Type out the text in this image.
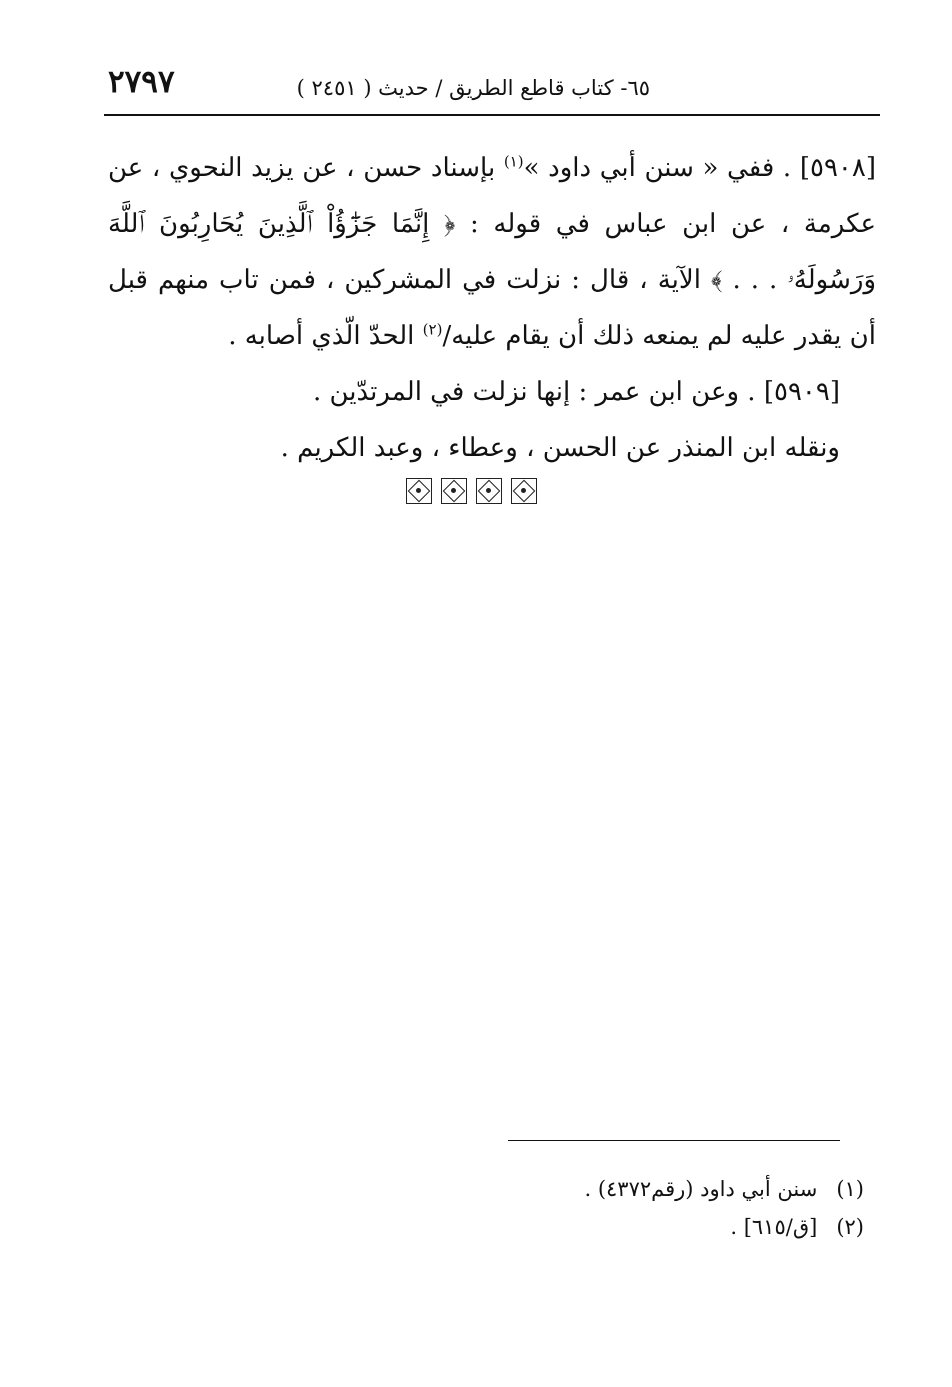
٢٧٩٧	٦٥- كتاب قاطع الطريق / حديث ( ٢٤٥١ )

[٥٩٠٨] . ففي « سنن أبي داود »$^{(١)}$ بإسناد حسن ، عن يزيد النحوي ، عن عكرمة ، عن ابن عباس في قوله : ﴿ إِنَّمَا جَزَٰٓؤُاْ ٱلَّذِينَ يُحَارِبُونَ ٱللَّهَ وَرَسُولَهُۥ . . . ﴾ الآية ، قال : نزلت في المشركين ، فمن تاب منهم قبل أن يقدر عليه لم يمنعه ذلك أن يقام عليه/$^{(٢)}$ الحدّ الّذي أصابه .

[٥٩٠٩] . وعن ابن عمر : إنها نزلت في المرتدّين .

ونقله ابن المنذر عن الحسن ، وعطاء ، وعبد الكريم .

(١) سنن أبي داود (رقم٤٣٧٢) .

(٢) [ق/٦١٥] .
